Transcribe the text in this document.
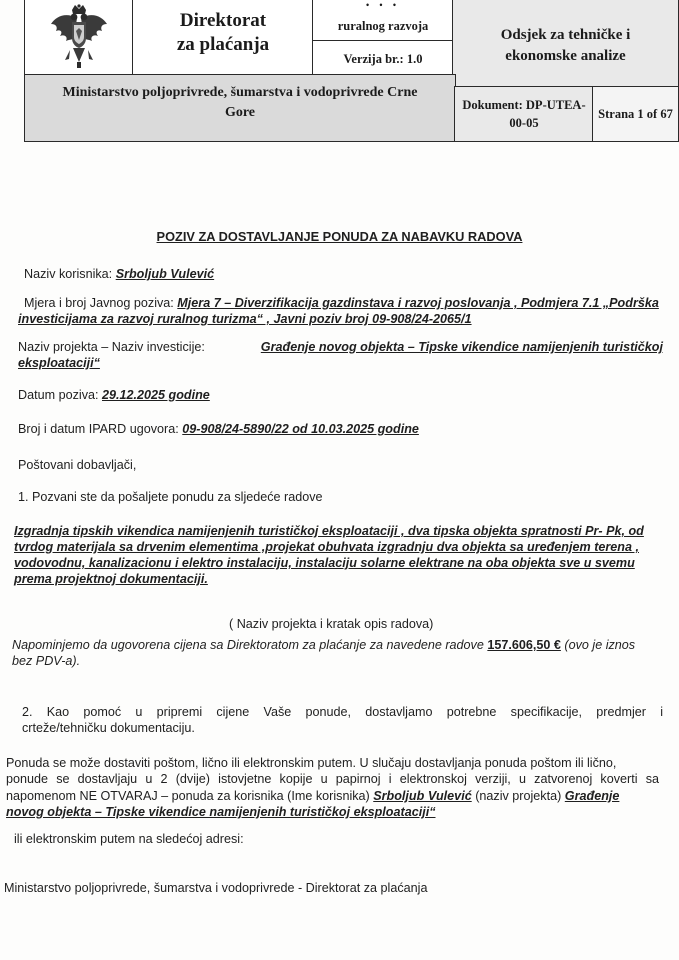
Direktorat
za plaćanja
• • •
ruralnog razvoja
Verzija br.: 1.0
Odsjek za tehničke i
ekonomske analize
Ministarstvo poljoprivrede, šumarstva i vodoprivrede Crne
Gore	Dokument: DP-UTEA-
00-05
Strana 1 of 67
POZIV ZA DOSTAVLJANJE PONUDA ZA NABAVKU RADOVA
Naziv korisnika: Srboljub Vulević
Mjera i broj Javnog poziva: Mjera 7 – Diverzifikacija gazdinstava i razvoj poslovanja , Podmjera 7.1 „Podrška
investicijama za razvoj ruralnog turizma“ , Javni poziv broj 09-908/24-2065/1
Naziv projekta – Naziv investicije:	Građenje novog objekta – Tipske vikendice namijenjenih turističkoj
eksploataciji“
Datum poziva: 29.12.2025 godine
Broj i datum IPARD ugovora: 09-908/24-5890/22 od 10.03.2025 godine
Poštovani dobavljači,
1. Pozvani ste da pošaljete ponudu za sljedeće radove
Izgradnja tipskih vikendica namijenjenih turističkoj eksploataciji , dva tipska objekta spratnosti Pr- Pk, od
tvrdog materijala sa drvenim elementima ,projekat obuhvata izgradnju dva objekta sa uređenjem terena ,
vodovodnu, kanalizacionu i elektro instalaciju, instalaciju solarne elektrane na oba objekta sve u svemu
prema projektnoj dokumentaciji.
( Naziv projekta i kratak opis radova)
Napominjemo da ugovorena cijena sa Direktoratom za plaćanje za navedene radove 157.606,50 € (ovo je iznos
bez PDV-a).
2. Kao pomoć u pripremi cijene Vaše ponude, dostavljamo potrebne specifikacije, predmjer i
crteže/tehničku dokumentaciju.
Ponuda se može dostaviti poštom, lično ili elektronskim putem. U slučaju dostavljanja ponuda poštom ili lično,
ponude se dostavljaju u 2 (dvije) istovjetne kopije u papirnoj i elektronskoj verziji, u zatvorenoj koverti sa
napomenom NE OTVARAJ – ponuda za korisnika (Ime korisnika) Srboljub Vulević (naziv projekta) Građenje
novog objekta – Tipske vikendice namijenjenih turističkoj eksploataciji“
ili elektronskim putem na sledećoj adresi:
Ministarstvo poljoprivrede, šumarstva i vodoprivrede - Direktorat za plaćanja
